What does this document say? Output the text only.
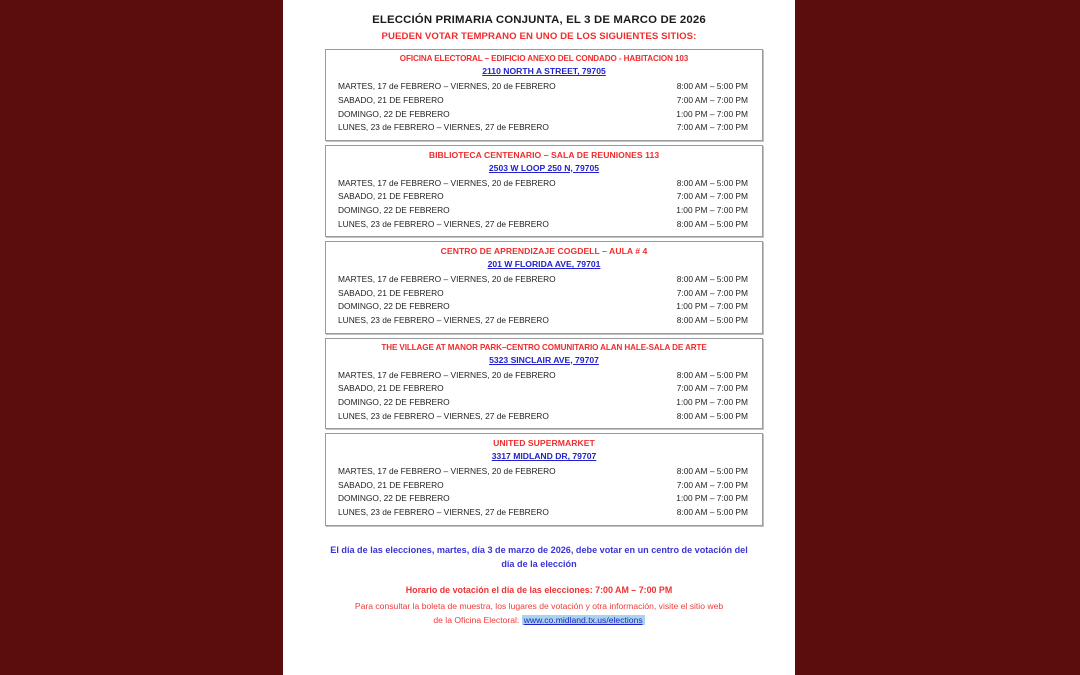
ELECCIÓN PRIMARIA CONJUNTA, EL 3 DE MARCO DE 2026
PUEDEN VOTAR TEMPRANO EN UNO DE LOS SIGUIENTES SITIOS:
OFICINA ELECTORAL – EDIFICIO ANEXO DEL CONDADO - HABITACION 103
2110 NORTH A STREET, 79705
MARTES, 17 de FEBRERO – VIERNES, 20 de FEBRERO	8:00 AM – 5:00 PM
SABADO, 21 DE FEBRERO	7:00 AM – 7:00 PM
DOMINGO, 22 DE FEBRERO	1:00 PM – 7:00 PM
LUNES, 23 de FEBRERO – VIERNES, 27 de FEBRERO	7:00 AM – 7:00 PM
BIBLIOTECA CENTENARIO – SALA DE REUNIONES 113
2503 W LOOP 250 N, 79705
MARTES, 17 de FEBRERO – VIERNES, 20 de FEBRERO	8:00 AM – 5:00 PM
SABADO, 21 DE FEBRERO	7:00 AM – 7:00 PM
DOMINGO, 22 DE FEBRERO	1:00 PM – 7:00 PM
LUNES, 23 de FEBRERO – VIERNES, 27 de FEBRERO	8:00 AM – 5:00 PM
CENTRO DE APRENDIZAJE COGDELL – AULA # 4
201 W FLORIDA AVE, 79701
MARTES, 17 de FEBRERO – VIERNES, 20 de FEBRERO	8:00 AM – 5:00 PM
SABADO, 21 DE FEBRERO	7:00 AM – 7:00 PM
DOMINGO, 22 DE FEBRERO	1:00 PM – 7:00 PM
LUNES, 23 de FEBRERO – VIERNES, 27 de FEBRERO	8:00 AM – 5:00 PM
THE VILLAGE AT MANOR PARK–CENTRO COMUNITARIO ALAN HALE-SALA DE ARTE
5323 SINCLAIR AVE, 79707
MARTES, 17 de FEBRERO – VIERNES, 20 de FEBRERO	8:00 AM – 5:00 PM
SABADO, 21 DE FEBRERO	7:00 AM – 7:00 PM
DOMINGO, 22 DE FEBRERO	1:00 PM – 7:00 PM
LUNES, 23 de FEBRERO – VIERNES, 27 de FEBRERO	8:00 AM – 5:00 PM
UNITED SUPERMARKET
3317 MIDLAND DR, 79707
MARTES, 17 de FEBRERO – VIERNES, 20 de FEBRERO	8:00 AM – 5:00 PM
SABADO, 21 DE FEBRERO	7:00 AM – 7:00 PM
DOMINGO, 22 DE FEBRERO	1:00 PM – 7:00 PM
LUNES, 23 de FEBRERO – VIERNES, 27 de FEBRERO	8:00 AM – 5:00 PM
El día de las elecciones, martes, día 3 de marzo de 2026, debe votar en un centro de votación del día de la elección
Horario de votación el día de las elecciones: 7:00 AM – 7:00 PM
Para consultar la boleta de muestra, los lugares de votación y otra información, visite el sitio web
de la Oficina Electoral: www.co.midland.tx.us/elections
